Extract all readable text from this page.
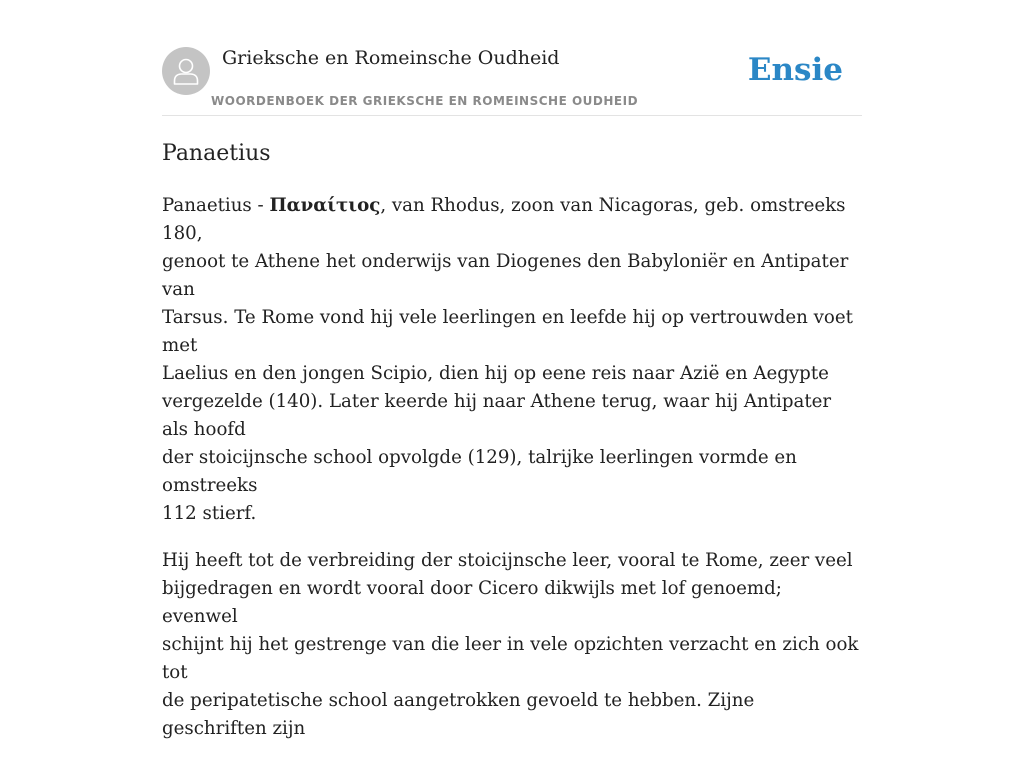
Grieksche en Romeinsche Oudheid
WOORDENBOEK DER GRIEKSCHE EN ROMEINSCHE OUDHEID
Ensie
Panaetius

Panaetius - Παναίτιος, van Rhodus, zoon van Nicagoras, geb. omstreeks 180,
genoot te Athene het onderwijs van Diogenes den Babyloniër en Antipater van
Tarsus. Te Rome vond hij vele leerlingen en leefde hij op vertrouwden voet met
Laelius en den jongen Scipio, dien hij op eene reis naar Azië en Aegypte
vergezelde (140). Later keerde hij naar Athene terug, waar hij Antipater als hoofd
der stoicijnsche school opvolgde (129), talrijke leerlingen vormde en omstreeks
112 stierf.

Hij heeft tot de verbreiding der stoicijnsche leer, vooral te Rome, zeer veel
bijgedragen en wordt vooral door Cicero dikwijls met lof genoemd; evenwel
schijnt hij het gestrenge van die leer in vele opzichten verzacht en zich ook tot
de peripatetische school aangetrokken gevoeld te hebben. Zijne geschriften zijn
